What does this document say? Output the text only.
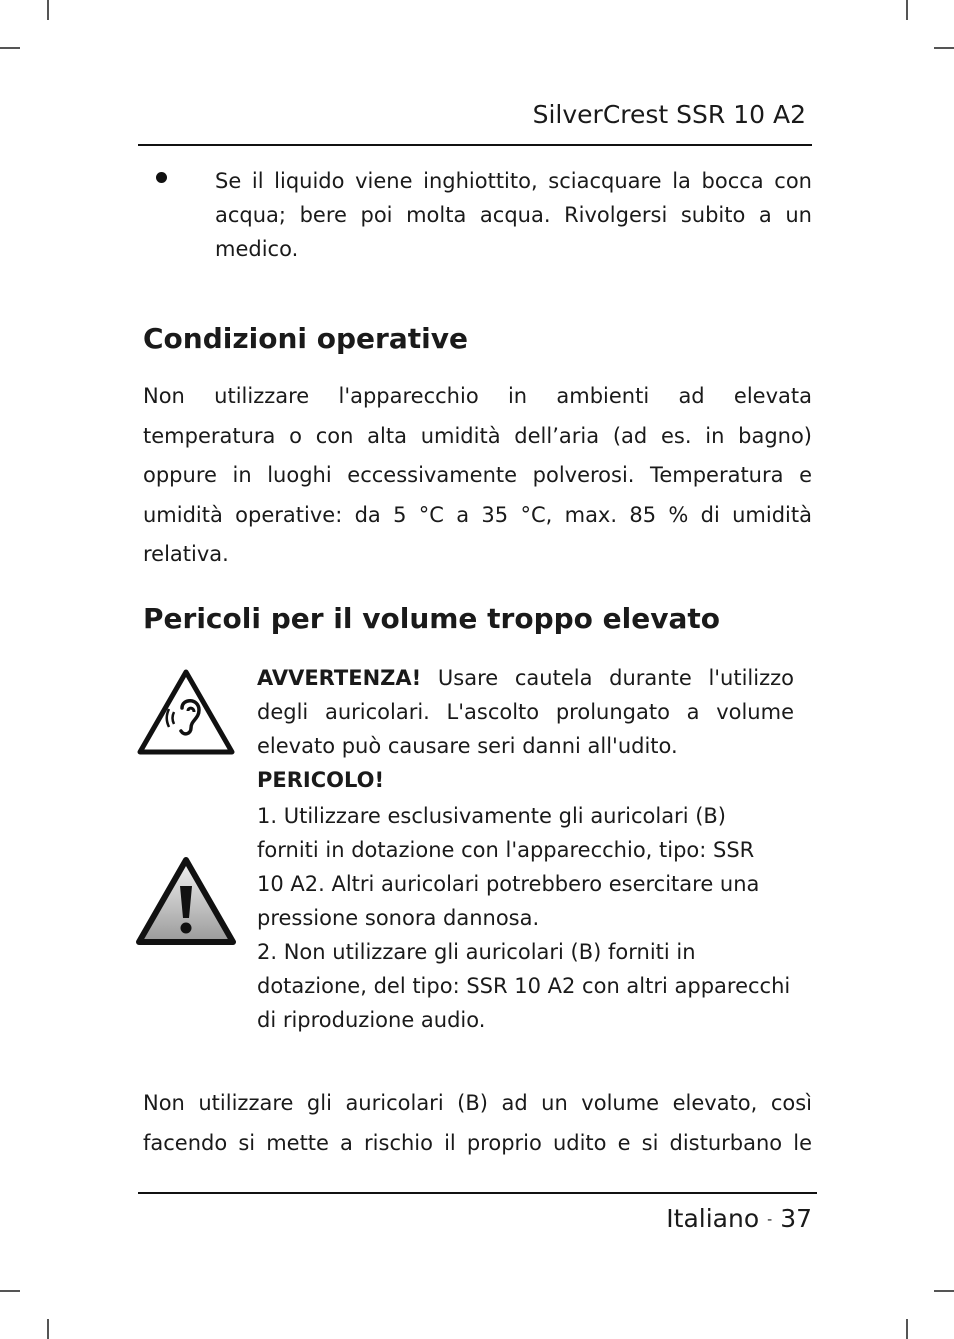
SilverCrest SSR 10 A2
Se il liquido viene inghiottito, sciacquare la bocca con acqua; bere poi molta acqua. Rivolgersi subito a un medico.
Condizioni operative
Non utilizzare l'apparecchio in ambienti ad elevata temperatura o con alta umidità dell’aria (ad es. in bagno) oppure in luoghi eccessivamente polverosi. Temperatura e umidità operative: da 5 °C a 35 °C, max. 85 % di umidità relativa.
Pericoli per il volume troppo elevato
AVVERTENZA! Usare cautela durante l'utilizzo degli auricolari. L'ascolto prolungato a volume elevato può causare seri danni all'udito.
PERICOLO!
1. Utilizzare esclusivamente gli auricolari (B) forniti in dotazione con l'apparecchio, tipo: SSR 10 A2. Altri auricolari potrebbero esercitare una pressione sonora dannosa.
2. Non utilizzare gli auricolari (B) forniti in dotazione, del tipo: SSR 10 A2 con altri apparecchi di riproduzione audio.
Non utilizzare gli auricolari (B) ad un volume elevato, così facendo si mette a rischio il proprio udito e si disturbano le
Italiano - 37
